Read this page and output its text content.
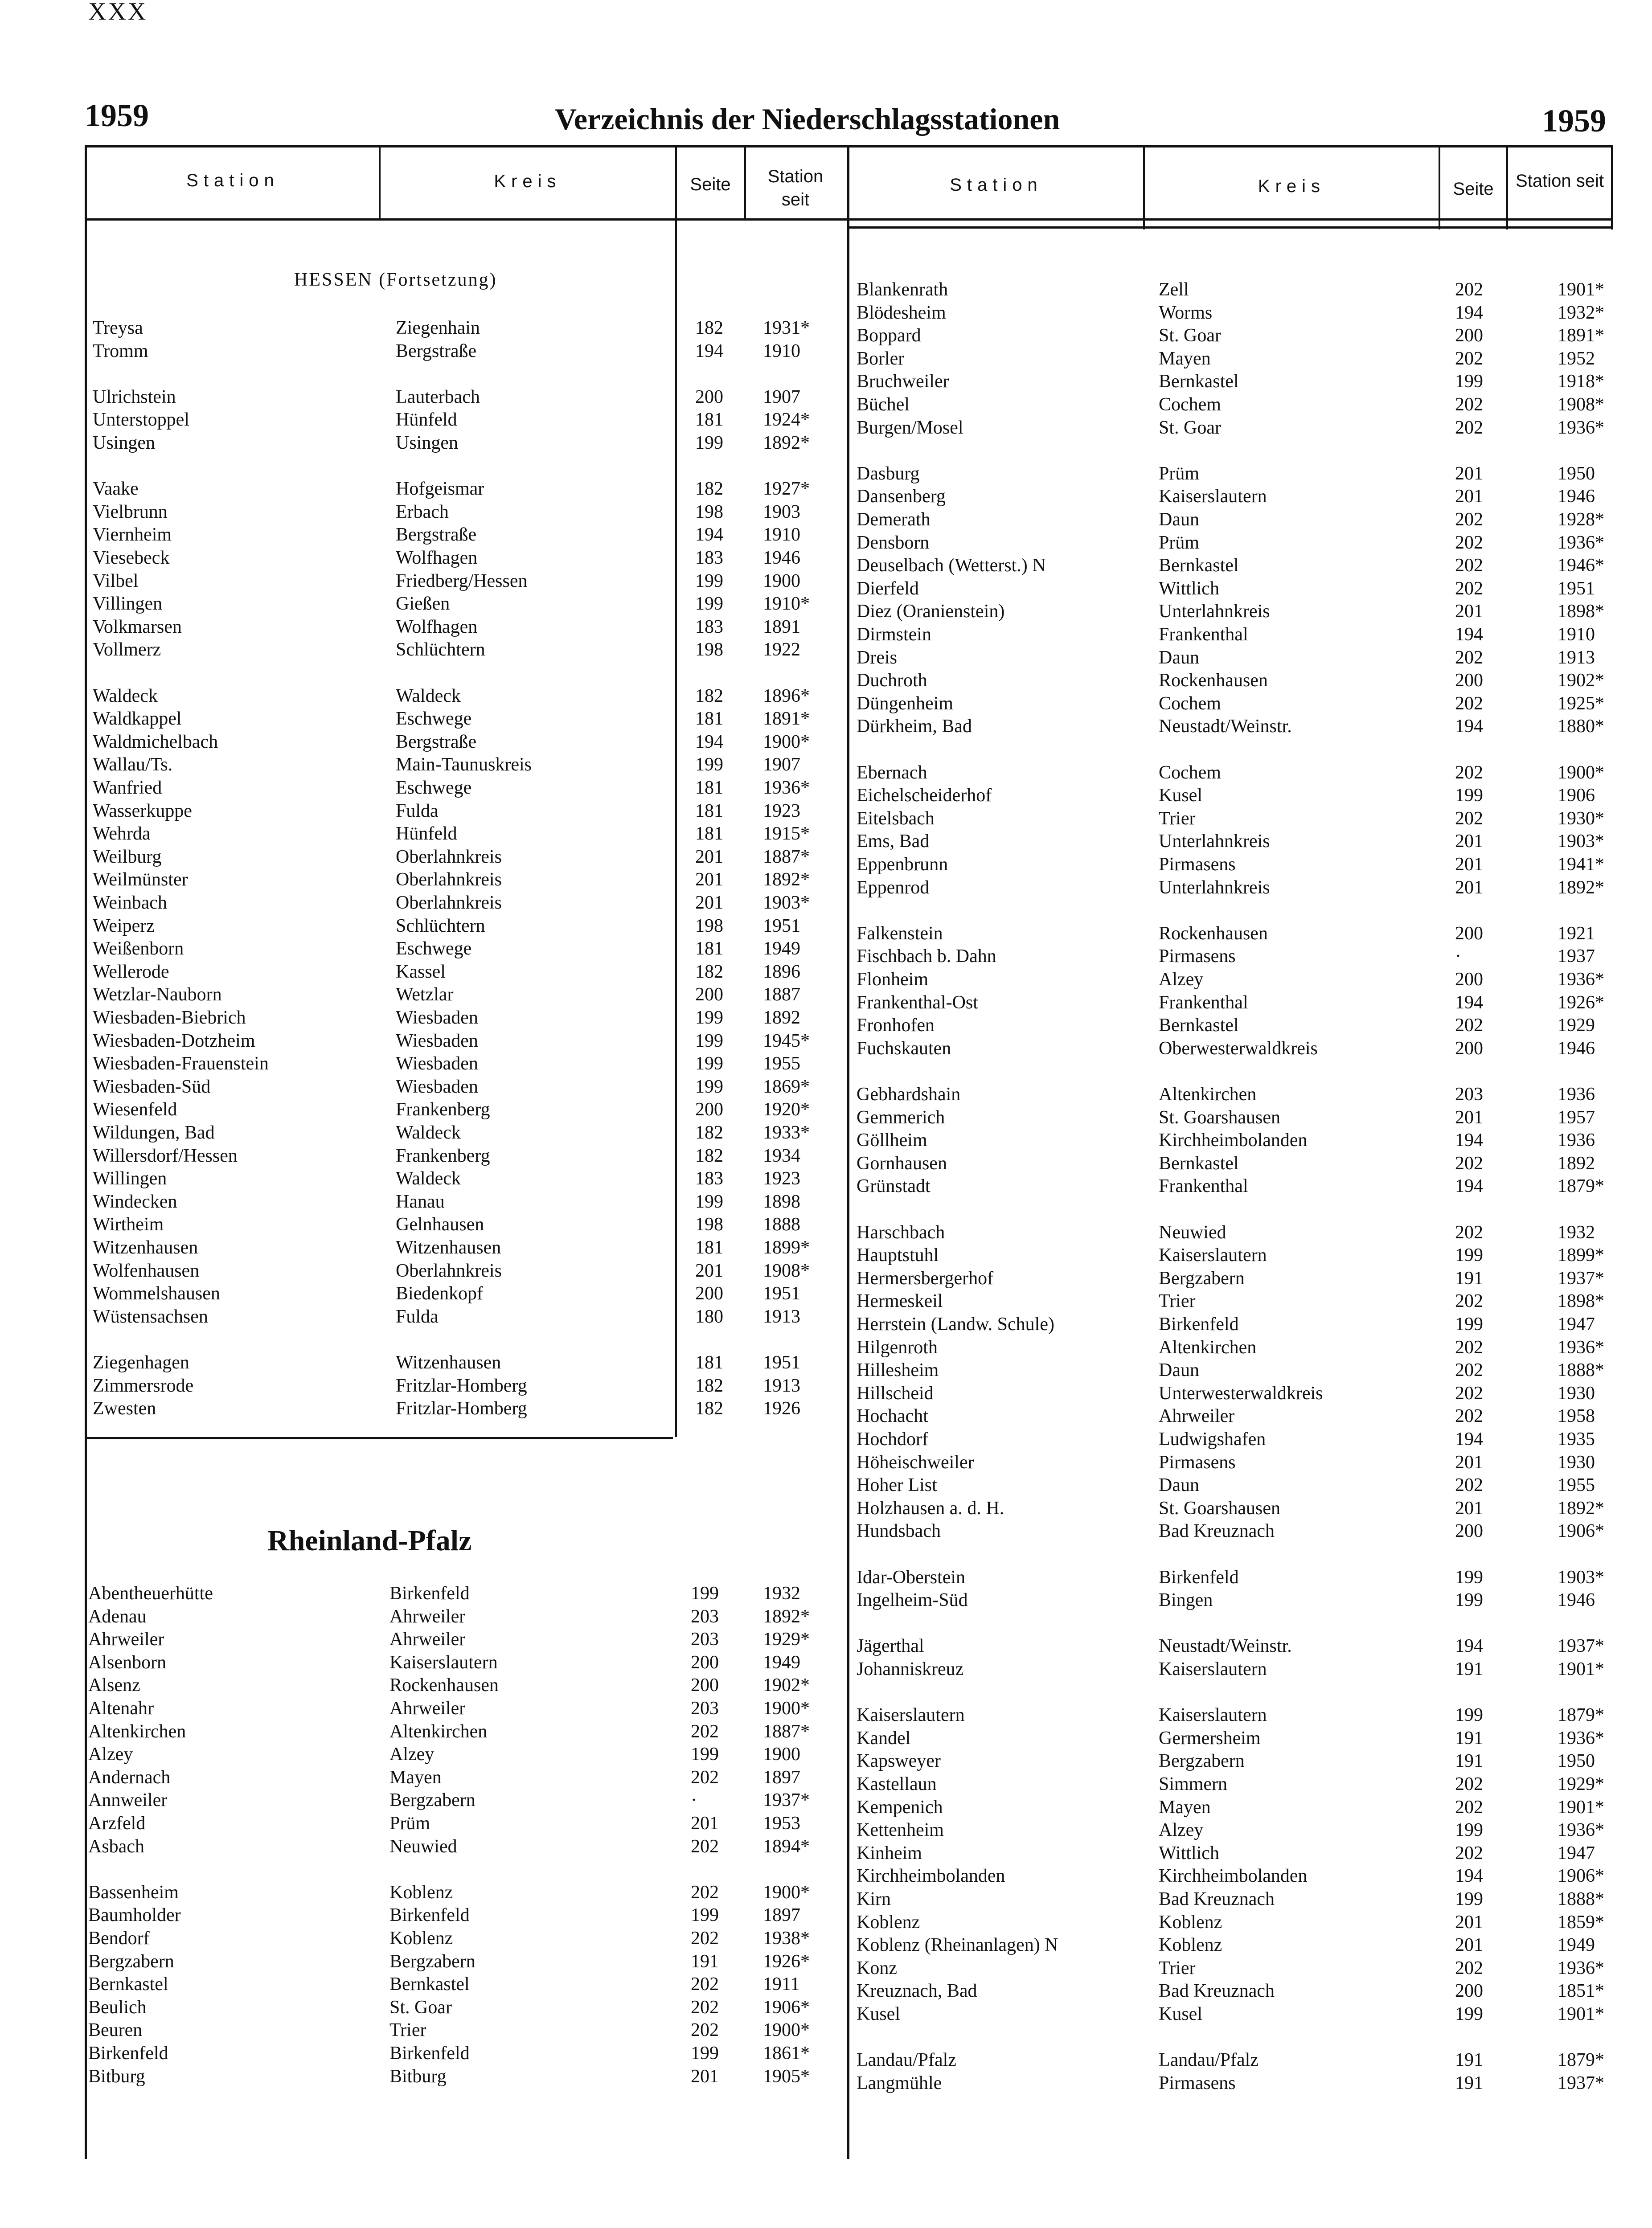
XXX
1959	Verzeichnis der Niederschlagsstationen	1959
Station	Kreis	Seite	Station seit
Station	Kreis	Seite	Station seit
HESSEN (Fortsetzung)
Rheinland-Pfalz
Treysa	Ziegenhain	182 1931*
Tromm	Bergstraße	194 1910
Ulrichstein	Lauterbach	200 1907
Unterstoppel	Hünfeld	181 1924*
Usingen	Usingen	199 1892*
Vaake	Hofgeismar	182 1927*
Vielbrunn	Erbach	198 1903
Viernheim	Bergstraße	194 1910
Viesebeck	Wolfhagen	183 1946
Vilbel	Friedberg/Hessen	199 1900
Villingen	Gießen	199 1910*
Volkmarsen	Wolfhagen	183 1891
Vollmerz	Schlüchtern	198 1922
Waldeck	Waldeck	182 1896*
Waldkappel	Eschwege	181 1891*
Waldmichelbach	Bergstraße	194 1900*
Wallau/Ts.	Main-Taunuskreis	199 1907
Wanfried	Eschwege	181 1936*
Wasserkuppe	Fulda	181 1923
Wehrda	Hünfeld	181 1915*
Weilburg	Oberlahnkreis	201 1887*
Weilmünster	Oberlahnkreis	201 1892*
Weinbach	Oberlahnkreis	201 1903*
Weiperz	Schlüchtern	198 1951
Weißenborn	Eschwege	181 1949
Wellerode	Kassel	182 1896
Wetzlar-Nauborn	Wetzlar	200 1887
Wiesbaden-Biebrich	Wiesbaden	199 1892
Wiesbaden-Dotzheim	Wiesbaden	199 1945*
Wiesbaden-Frauenstein	Wiesbaden	199 1955
Wiesbaden-Süd	Wiesbaden	199 1869*
Wiesenfeld	Frankenberg	200 1920*
Wildungen, Bad	Waldeck	182 1933*
Willersdorf/Hessen	Frankenberg	182 1934
Willingen	Waldeck	183 1923
Windecken	Hanau	199 1898
Wirtheim	Gelnhausen	198 1888
Witzenhausen	Witzenhausen	181 1899*
Wolfenhausen	Oberlahnkreis	201 1908*
Wommelshausen	Biedenkopf	200 1951
Wüstensachsen	Fulda	180 1913
Ziegenhagen	Witzenhausen	181 1951
Zimmersrode	Fritzlar-Homberg	182 1913
Zwesten	Fritzlar-Homberg	182 1926
Abentheuerhütte	Birkenfeld	199 1932
Adenau	Ahrweiler	203 1892*
Ahrweiler	Ahrweiler	203 1929*
Alsenborn	Kaiserslautern	200 1949
Alsenz	Rockenhausen	200 1902*
Altenahr	Ahrweiler	203 1900*
Altenkirchen	Altenkirchen	202 1887*
Alzey	Alzey	199 1900
Andernach	Mayen	202 1897
Annweiler	Bergzabern	·	1937*
Arzfeld	Prüm	201 1953
Asbach	Neuwied	202 1894*
Bassenheim	Koblenz	202 1900*
Baumholder	Birkenfeld	199 1897
Bendorf	Koblenz	202 1938*
Bergzabern	Bergzabern	191 1926*
Bernkastel	Bernkastel	202 1911
Beulich	St. Goar	202 1906*
Beuren	Trier	202 1900*
Birkenfeld	Birkenfeld	199 1861*
Bitburg	Bitburg	201 1905*
Blankenrath	Zell	202	1901*
Blödesheim	Worms	194	1932*
Boppard	St. Goar	200	1891*
Borler	Mayen	202	1952
Bruchweiler	Bernkastel	199	1918*
Büchel	Cochem	202	1908*
Burgen/Mosel	St. Goar	202	1936*
Dasburg	Prüm	201	1950
Dansenberg	Kaiserslautern	201	1946
Demerath	Daun	202	1928*
Densborn	Prüm	202	1936*
Deuselbach (Wetterst.) N	Bernkastel	202	1946*
Dierfeld	Wittlich	202	1951
Diez (Oranienstein)	Unterlahnkreis	201	1898*
Dirmstein	Frankenthal	194	1910
Dreis	Daun	202	1913
Duchroth	Rockenhausen	200	1902*
Düngenheim	Cochem	202	1925*
Dürkheim, Bad	Neustadt/Weinstr.	194	1880*
Ebernach	Cochem	202	1900*
Eichelscheiderhof	Kusel	199	1906
Eitelsbach	Trier	202	1930*
Ems, Bad	Unterlahnkreis	201	1903*
Eppenbrunn	Pirmasens	201	1941*
Eppenrod	Unterlahnkreis	201	1892*
Falkenstein	Rockenhausen	200	1921
Fischbach b. Dahn	Pirmasens	·	1937
Flonheim	Alzey	200	1936*
Frankenthal-Ost	Frankenthal	194	1926*
Fronhofen	Bernkastel	202	1929
Fuchskauten	Oberwesterwaldkreis	200	1946
Gebhardshain	Altenkirchen	203	1936
Gemmerich	St. Goarshausen	201	1957
Göllheim	Kirchheimbolanden	194	1936
Gornhausen	Bernkastel	202	1892
Grünstadt	Frankenthal	194	1879*
Harschbach	Neuwied	202	1932
Hauptstuhl	Kaiserslautern	199	1899*
Hermersbergerhof	Bergzabern	191	1937*
Hermeskeil	Trier	202	1898*
Herrstein (Landw. Schule)	Birkenfeld	199	1947
Hilgenroth	Altenkirchen	202	1936*
Hillesheim	Daun	202	1888*
Hillscheid	Unterwesterwaldkreis	202	1930
Hochacht	Ahrweiler	202	1958
Hochdorf	Ludwigshafen	194	1935
Höheischweiler	Pirmasens	201	1930
Hoher List	Daun	202	1955
Holzhausen a. d. H.	St. Goarshausen	201	1892*
Hundsbach	Bad Kreuznach	200	1906*
Idar-Oberstein	Birkenfeld	199	1903*
Ingelheim-Süd	Bingen	199	1946
Jägerthal	Neustadt/Weinstr.	194	1937*
Johanniskreuz	Kaiserslautern	191	1901*
Kaiserslautern	Kaiserslautern	199	1879*
Kandel	Germersheim	191	1936*
Kapsweyer	Bergzabern	191	1950
Kastellaun	Simmern	202	1929*
Kempenich	Mayen	202	1901*
Kettenheim	Alzey	199	1936*
Kinheim	Wittlich	202	1947
Kirchheimbolanden	Kirchheimbolanden	194	1906*
Kirn	Bad Kreuznach	199	1888*
Koblenz	Koblenz	201	1859*
Koblenz (Rheinanlagen) N	Koblenz	201	1949
Konz	Trier	202	1936*
Kreuznach, Bad	Bad Kreuznach	200	1851*
Kusel	Kusel	199	1901*
Landau/Pfalz	Landau/Pfalz	191	1879*
Langmühle	Pirmasens	191	1937*
